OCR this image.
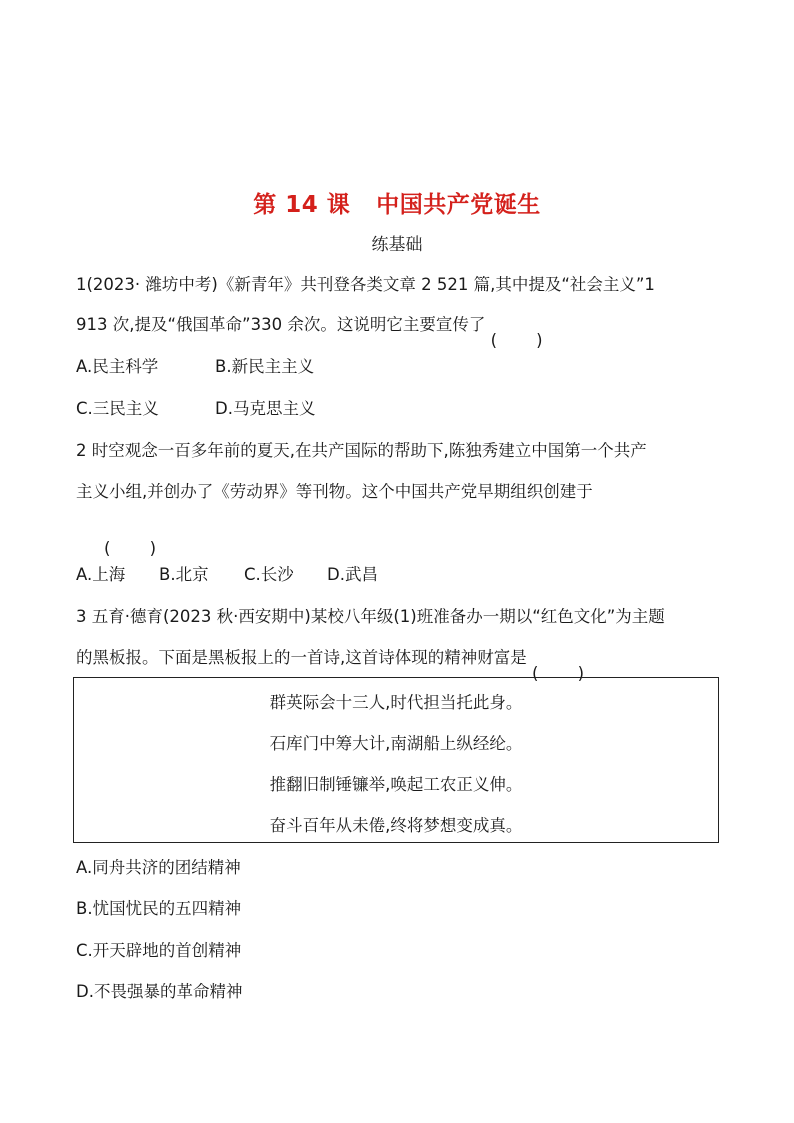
第 14 课 中国共产党诞生
练基础
1(2023· 潍坊中考)《新青年》共刊登各类文章 2 521 篇,其中提及“社会主义”1
913 次,提及“俄国革命”330 余次。这说明它主要宣传了
A.民主科学	B.新民主主义
C.三民主义	D.马克思主义
2 时空观念一百多年前的夏天,在共产国际的帮助下,陈独秀建立中国第一个共产
主义小组,并创办了《劳动界》等刊物。这个中国共产党早期组织创建于
A.上海 B.北京 C.长沙 D.武昌
3 五育·德育(2023 秋·西安期中)某校八年级(1)班准备办一期以“红色文化”为主题
的黑板报。下面是黑板报上的一首诗,这首诗体现的精神财富是
群英际会十三人,时代担当托此身。
石库门中筹大计,南湖船上纵经纶。
推翻旧制锤镰举,唤起工农正义伸。
奋斗百年从未倦,终将梦想变成真。
A.同舟共济的团结精神
B.忧国忧民的五四精神
C.开天辟地的首创精神
D.不畏强暴的革命精神
